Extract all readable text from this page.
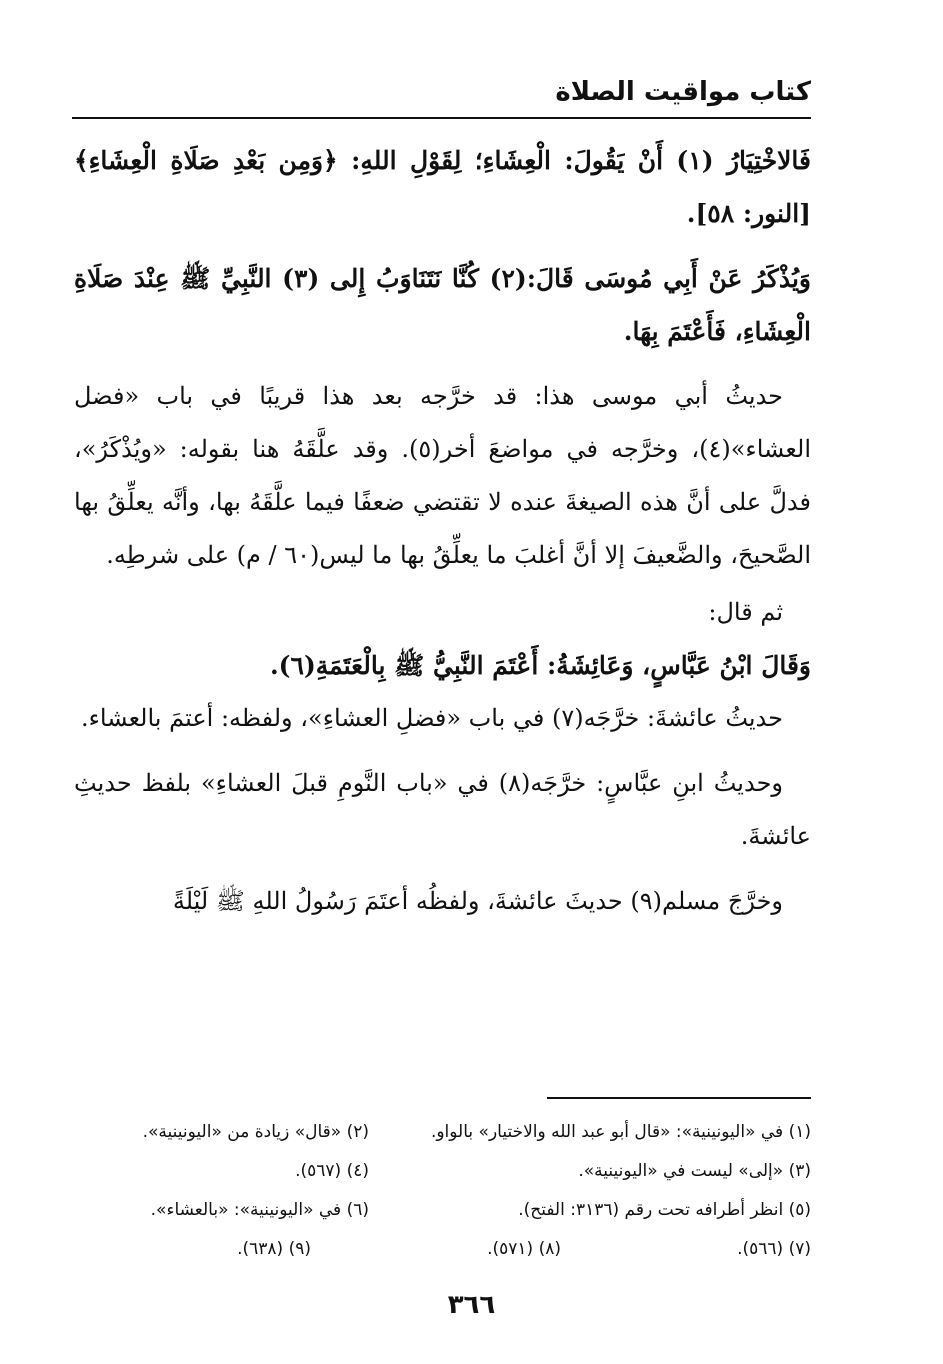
كتاب مواقيت الصلاة

فَالاخْتِيَارُ (١) أَنْ يَقُولَ: الْعِشَاءِ؛ لِقَوْلِ اللهِ: ﴿وَمِن بَعْدِ صَلَاةِ الْعِشَاءِ﴾ [النور: ٥٨].

وَيُذْكَرُ عَنْ أَبِي مُوسَى قَالَ:(٢) كُنَّا نَتَنَاوَبُ إِلى (٣) النَّبِيِّ ﷺ عِنْدَ صَلَاةِ الْعِشَاءِ، فَأَعْتَمَ بِهَا.

حديثُ أبي موسى هذا: قد خرَّجه بعد هذا قريبًا في باب «فضل العشاء»(٤)، وخرَّجه في مواضعَ أخر(٥). وقد علَّقَهُ هنا بقوله: «ويُذْكَرُ»، فدلَّ على أنَّ هذه الصيغةَ عنده لا تقتضي ضعفًا فيما علَّقَهُ بها، وأنَّه يعلِّقُ بها الصَّحيحَ، والضَّعيفَ إلا أنَّ أغلبَ ما يعلِّقُ بها ما ليس(٦٠ / م) على شرطِه.

ثم قال:

وَقَالَ ابْنُ عَبَّاسٍ، وَعَائِشَةُ: أَعْتَمَ النَّبِيُّ ﷺ بِالْعَتَمَةِ(٦).

حديثُ عائشةَ: خرَّجَه(٧) في باب «فضلِ العشاءِ»، ولفظه: أعتمَ بالعشاء.

وحديثُ ابنِ عبَّاسٍ: خرَّجَه(٨) في «باب النَّومِ قبلَ العشاءِ» بلفظ حديثِ عائشةَ.

وخرَّجَ مسلم(٩) حديثَ عائشةَ، ولفظُه أعتَمَ رَسُولُ اللهِ ﷺ لَيْلَةً

(١) في «اليونينية»: «قال أبو عبد الله والاختيار» بالواو.
(٢) «قال» زيادة من «اليونينية».
(٣) «إلى» ليست في «اليونينية».
(٤) (٥٦٧).
(٥) انظر أطرافه تحت رقم (٣١٣٦: الفتح).
(٦) في «اليونينية»: «بالعشاء».
(٧) (٥٦٦).
(٨) (٥٧١).
(٩) (٦٣٨).

٣٦٦
